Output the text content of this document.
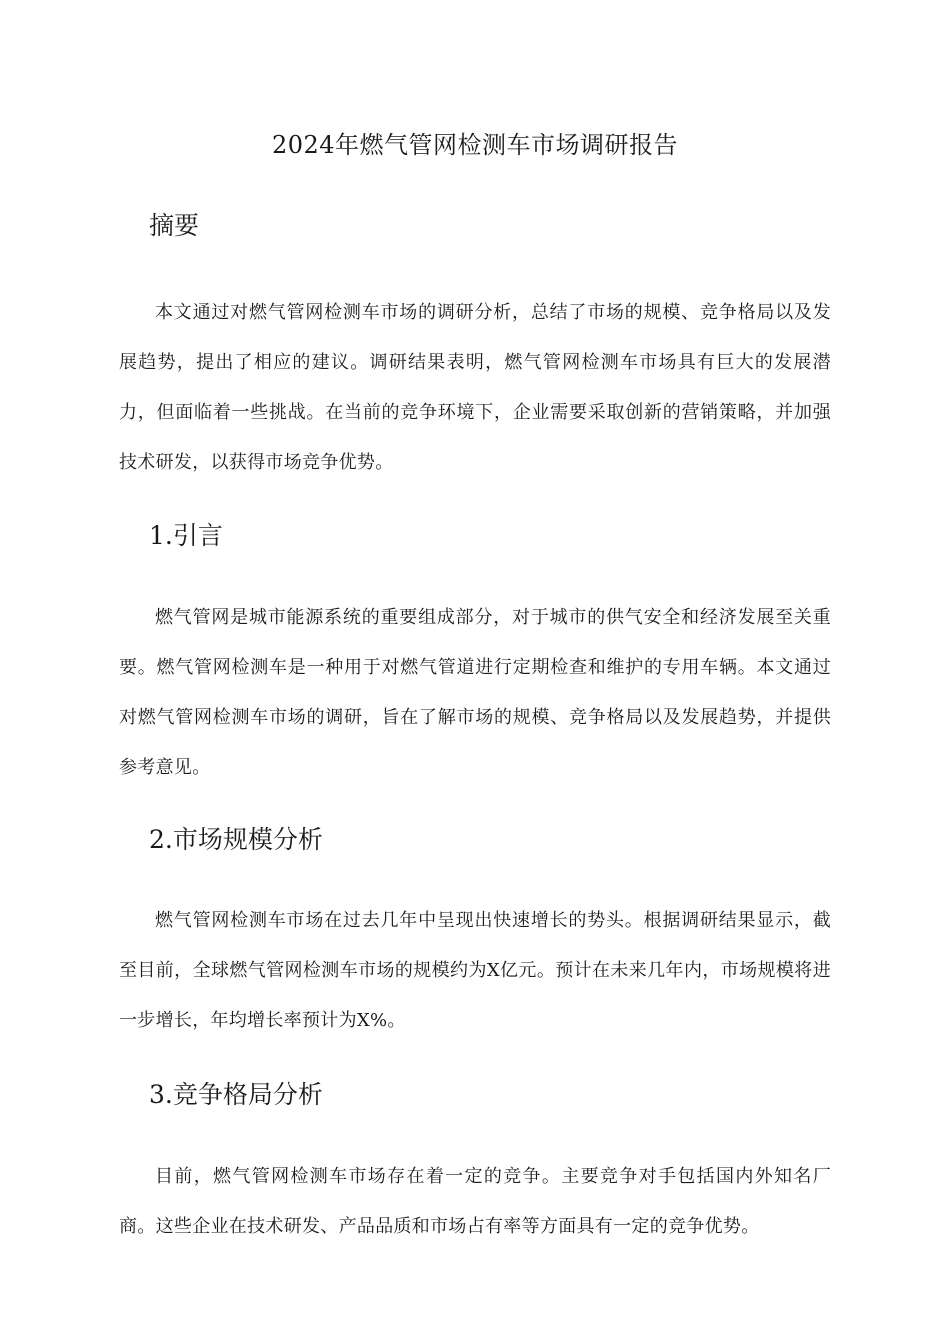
2024年燃气管网检测车市场调研报告
摘要

本文通过对燃气管网检测车市场的调研分析，总结了市场的规模、竞争格局以及发展趋势，提出了相应的建议。调研结果表明，燃气管网检测车市场具有巨大的发展潜力，但面临着一些挑战。在当前的竞争环境下，企业需要采取创新的营销策略，并加强技术研发，以获得市场竞争优势。

1.引言

燃气管网是城市能源系统的重要组成部分，对于城市的供气安全和经济发展至关重要。燃气管网检测车是一种用于对燃气管道进行定期检查和维护的专用车辆。本文通过对燃气管网检测车市场的调研，旨在了解市场的规模、竞争格局以及发展趋势，并提供参考意见。

2.市场规模分析

燃气管网检测车市场在过去几年中呈现出快速增长的势头。根据调研结果显示，截至目前，全球燃气管网检测车市场的规模约为X亿元。预计在未来几年内，市场规模将进一步增长，年均增长率预计为X%。

3.竞争格局分析

目前，燃气管网检测车市场存在着一定的竞争。主要竞争对手包括国内外知名厂商。这些企业在技术研发、产品品质和市场占有率等方面具有一定的竞争优势。
